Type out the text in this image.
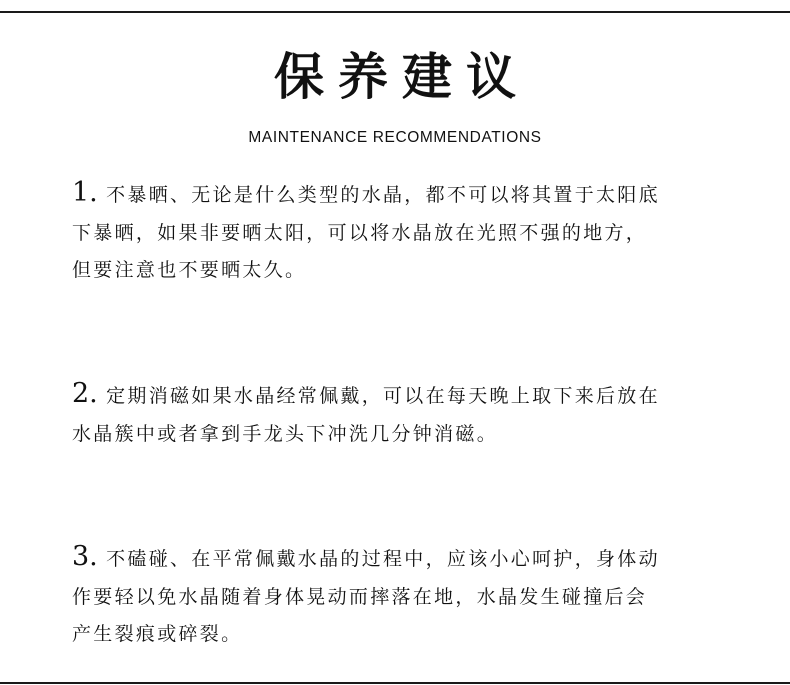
保养建议
MAINTENANCE RECOMMENDATIONS
1. 不暴晒、无论是什么类型的水晶，都不可以将其置于太阳底
下暴晒，如果非要晒太阳，可以将水晶放在光照不强的地方，
但要注意也不要晒太久。
2. 定期消磁如果水晶经常佩戴，可以在每天晚上取下来后放在
水晶簇中或者拿到手龙头下冲洗几分钟消磁。
3. 不磕碰、在平常佩戴水晶的过程中，应该小心呵护，身体动
作要轻以免水晶随着身体晃动而摔落在地，水晶发生碰撞后会
产生裂痕或碎裂。
